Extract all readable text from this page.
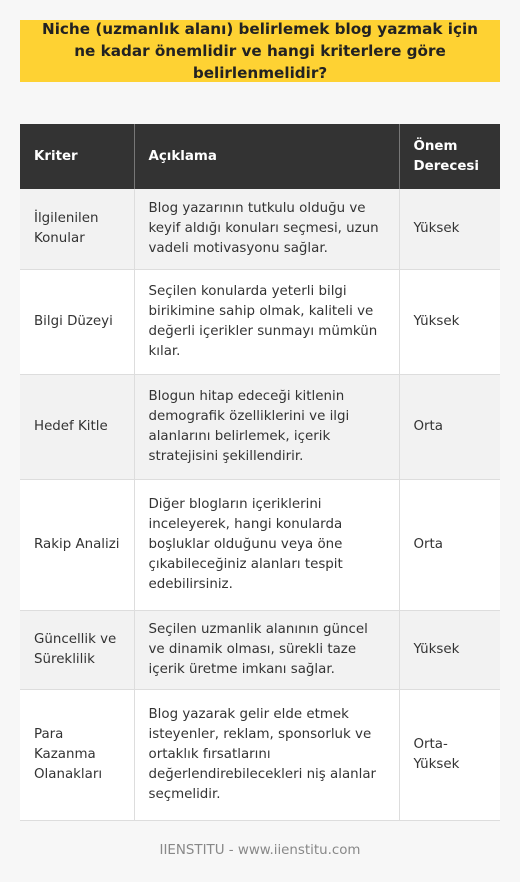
Niche (uzmanlık alanı) belirlemek blog yazmak için ne kadar önemlidir ve hangi kriterlere göre belirlenmelidir?
Kriter	Açıklama	Önem Derecesi
İlgilenilen Konular	Blog yazarının tutkulu olduğu ve keyif aldığı konuları seçmesi, uzun vadeli motivasyonu sağlar.	Yüksek
Bilgi Düzeyi	Seçilen konularda yeterli bilgi birikimine sahip olmak, kaliteli ve değerli içerikler sunmayı mümkün kılar.	Yüksek
Hedef Kitle	Blogun hitap edeceği kitlenin demografik özelliklerini ve ilgi alanlarını belirlemek, içerik stratejisini şekillendirir.	Orta
Rakip Analizi	Diğer blogların içeriklerini inceleyerek, hangi konularda boşluklar olduğunu veya öne çıkabileceğiniz alanları tespit edebilirsiniz.	Orta
Güncellik ve Süreklilik	Seçilen uzmanlik alanının güncel ve dinamik olması, sürekli taze içerik üretme imkanı sağlar.	Yüksek
Para Kazanma Olanakları	Blog yazarak gelir elde etmek isteyenler, reklam, sponsorluk ve ortaklık fırsatlarını değerlendirebilecekleri niş alanlar seçmelidir.	Orta-Yüksek
IIENSTITU - www.iienstitu.com
